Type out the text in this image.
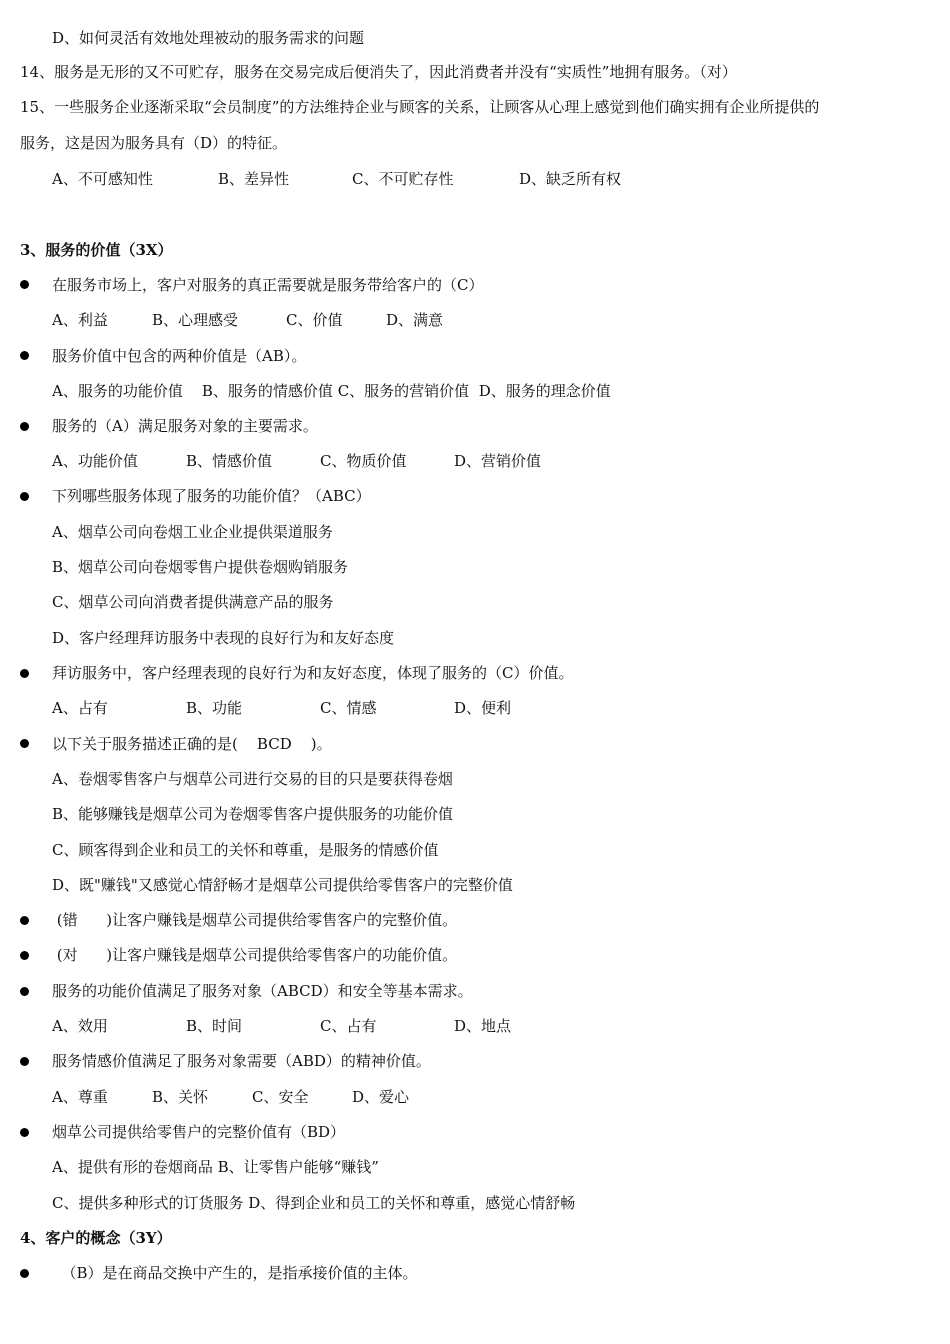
D、如何灵活有效地处理被动的服务需求的问题
14、服务是无形的又不可贮存，服务在交易完成后便消失了，因此消费者并没有“实质性”地拥有服务。（对）
15、一些服务企业逐渐采取“会员制度”的方法维持企业与顾客的关系，让顾客从心理上感觉到他们确实拥有企业所提供的
服务，这是因为服务具有（D）的特征。
A、不可感知性	B、差异性	C、不可贮存性	D、缺乏所有权
3、服务的价值（3X）
在服务市场上，客户对服务的真正需要就是服务带给客户的（C）
A、利益	B、心理感受	C、价值	D、满意
服务价值中包含的两种价值是（AB）。
A、服务的功能价值    B、服务的情感价值 C、服务的营销价值  D、服务的理念价值
服务的（A）满足服务对象的主要需求。
A、功能价值	B、情感价值	C、物质价值	D、营销价值
下列哪些服务体现了服务的功能价值？（ABC）
A、烟草公司向卷烟工业企业提供渠道服务
B、烟草公司向卷烟零售户提供卷烟购销服务
C、烟草公司向消费者提供满意产品的服务
D、客户经理拜访服务中表现的良好行为和友好态度
拜访服务中，客户经理表现的良好行为和友好态度，体现了服务的（C）价值。
A、占有	B、功能	C、情感	D、便利
以下关于服务描述正确的是(    BCD    )。
A、卷烟零售客户与烟草公司进行交易的目的只是要获得卷烟
B、能够赚钱是烟草公司为卷烟零售客户提供服务的功能价值
C、顾客得到企业和员工的关怀和尊重，是服务的情感价值
D、既"赚钱"又感觉心情舒畅才是烟草公司提供给零售客户的完整价值
(错      )让客户赚钱是烟草公司提供给零售客户的完整价值。
(对      )让客户赚钱是烟草公司提供给零售客户的功能价值。
服务的功能价值满足了服务对象（ABCD）和安全等基本需求。
A、效用	B、时间	C、占有	D、地点
服务情感价值满足了服务对象需要（ABD）的精神价值。
A、尊重	B、关怀	C、安全	D、爱心
烟草公司提供给零售户的完整价值有（BD）
A、提供有形的卷烟商品 B、让零售户能够“赚钱”
C、提供多种形式的订货服务 D、得到企业和员工的关怀和尊重，感觉心情舒畅
4、客户的概念（3Y）
（B）是在商品交换中产生的，是指承接价值的主体。
